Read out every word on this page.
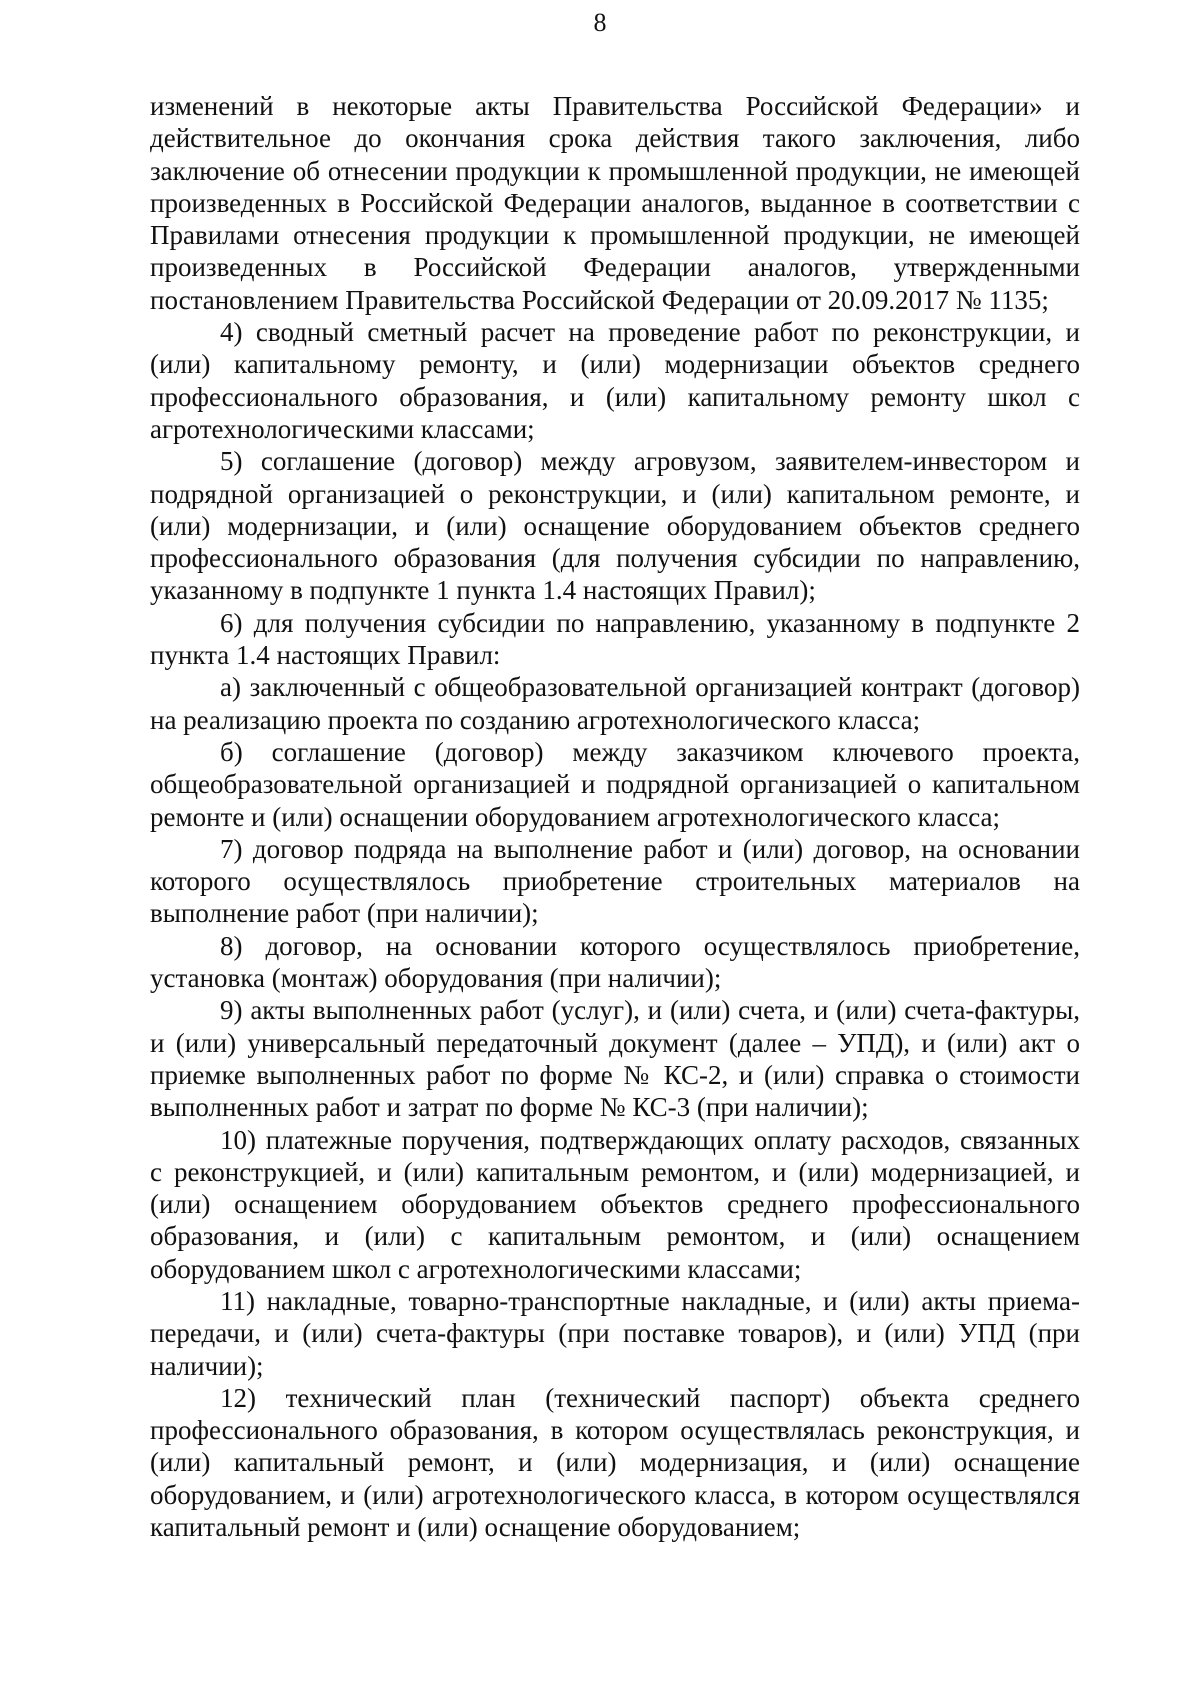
8

изменений в некоторые акты Правительства Российской Федерации» и действительное до окончания срока действия такого заключения, либо заключение об отнесении продукции к промышленной продукции, не имеющей произведенных в Российской Федерации аналогов, выданное в соответствии с Правилами отнесения продукции к промышленной продукции, не имеющей произведенных в Российской Федерации аналогов, утвержденными постановлением Правительства Российской Федерации от 20.09.2017 № 1135;

4) сводный сметный расчет на проведение работ по реконструкции, и (или) капитальному ремонту, и (или) модернизации объектов среднего профессионального образования, и (или) капитальному ремонту школ с агротехнологическими классами;

5) соглашение (договор) между агровузом, заявителем-инвестором и подрядной организацией о реконструкции, и (или) капитальном ремонте, и (или) модернизации, и (или) оснащение оборудованием объектов среднего профессионального образования (для получения субсидии по направлению, указанному в подпункте 1 пункта 1.4 настоящих Правил);

6) для получения субсидии по направлению, указанному в подпункте 2 пункта 1.4 настоящих Правил:

а) заключенный с общеобразовательной организацией контракт (договор) на реализацию проекта по созданию агротехнологического класса;

б) соглашение (договор) между заказчиком ключевого проекта, общеобразовательной организацией и подрядной организацией о капитальном ремонте и (или) оснащении оборудованием агротехнологического класса;

7) договор подряда на выполнение работ и (или) договор, на основании которого осуществлялось приобретение строительных материалов на выполнение работ (при наличии);

8) договор, на основании которого осуществлялось приобретение, установка (монтаж) оборудования (при наличии);

9) акты выполненных работ (услуг), и (или) счета, и (или) счета-фактуры, и (или) универсальный передаточный документ (далее – УПД), и (или) акт о приемке выполненных работ по форме № КС-2, и (или) справка о стоимости выполненных работ и затрат по форме № КС-3 (при наличии);

10) платежные поручения, подтверждающих оплату расходов, связанных с реконструкцией, и (или) капитальным ремонтом, и (или) модернизацией, и (или) оснащением оборудованием объектов среднего профессионального образования, и (или) с капитальным ремонтом, и (или) оснащением оборудованием школ с агротехнологическими классами;

11) накладные, товарно-транспортные накладные, и (или) акты приема-передачи, и (или) счета-фактуры (при поставке товаров), и (или) УПД (при наличии);

12) технический план (технический паспорт) объекта среднего профессионального образования, в котором осуществлялась реконструкция, и (или) капитальный ремонт, и (или) модернизация, и (или) оснащение оборудованием, и (или) агротехнологического класса, в котором осуществлялся капитальный ремонт и (или) оснащение оборудованием;
